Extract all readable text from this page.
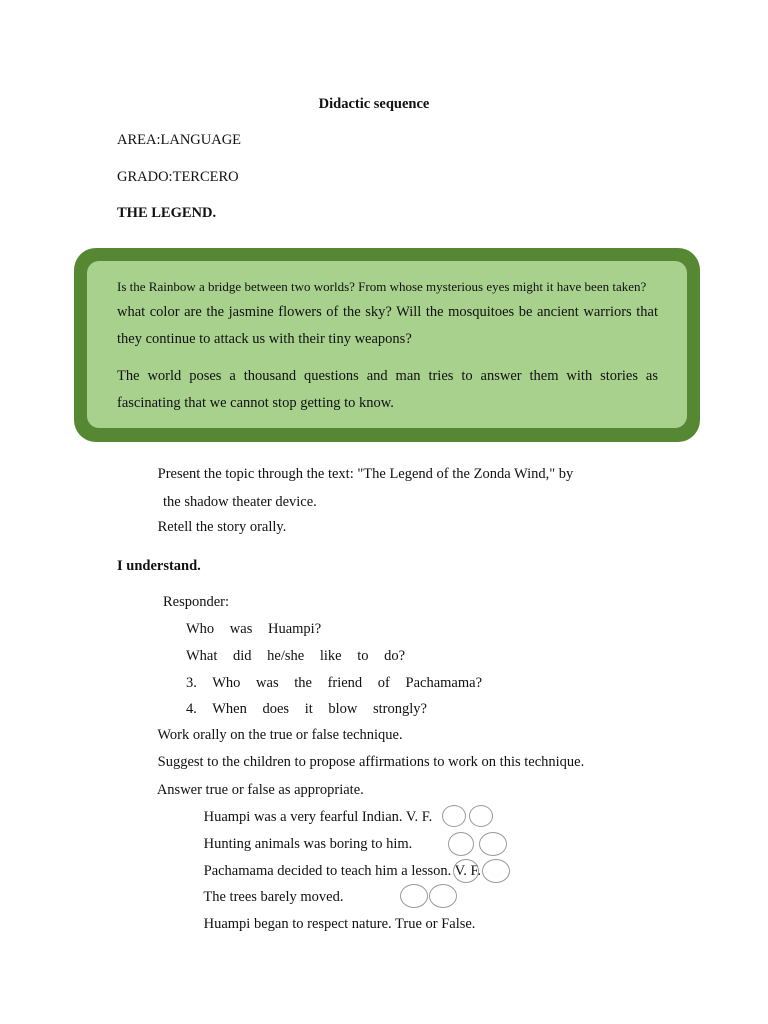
Didactic sequence
AREA:LANGUAGE
GRADO:TERCERO
THE LEGEND.
Is the Rainbow a bridge between two worlds? From whose mysterious eyes might it have been taken?
what color are the jasmine flowers of the sky? Will the mosquitoes be ancient warriors that
they continue to attack us with their tiny weapons?
The world poses a thousand questions and man tries to answer them with stories as
fascinating that we cannot stop getting to know.
Present the topic through the text: "The Legend of the Zonda Wind," by
the shadow theater device.
Retell the story orally.
I understand.
Responder:
Who was Huampi?
What did he/she like to do?
3. Who was the friend of Pachamama?
4. When does it blow strongly?
Work orally on the true or false technique.
Suggest to the children to propose affirmations to work on this technique.
Answer true or false as appropriate.
Huampi was a very fearful Indian. V. F.
Hunting animals was boring to him.
Pachamama decided to teach him a lesson. V. F.
The trees barely moved.
Huampi began to respect nature. True or False.
